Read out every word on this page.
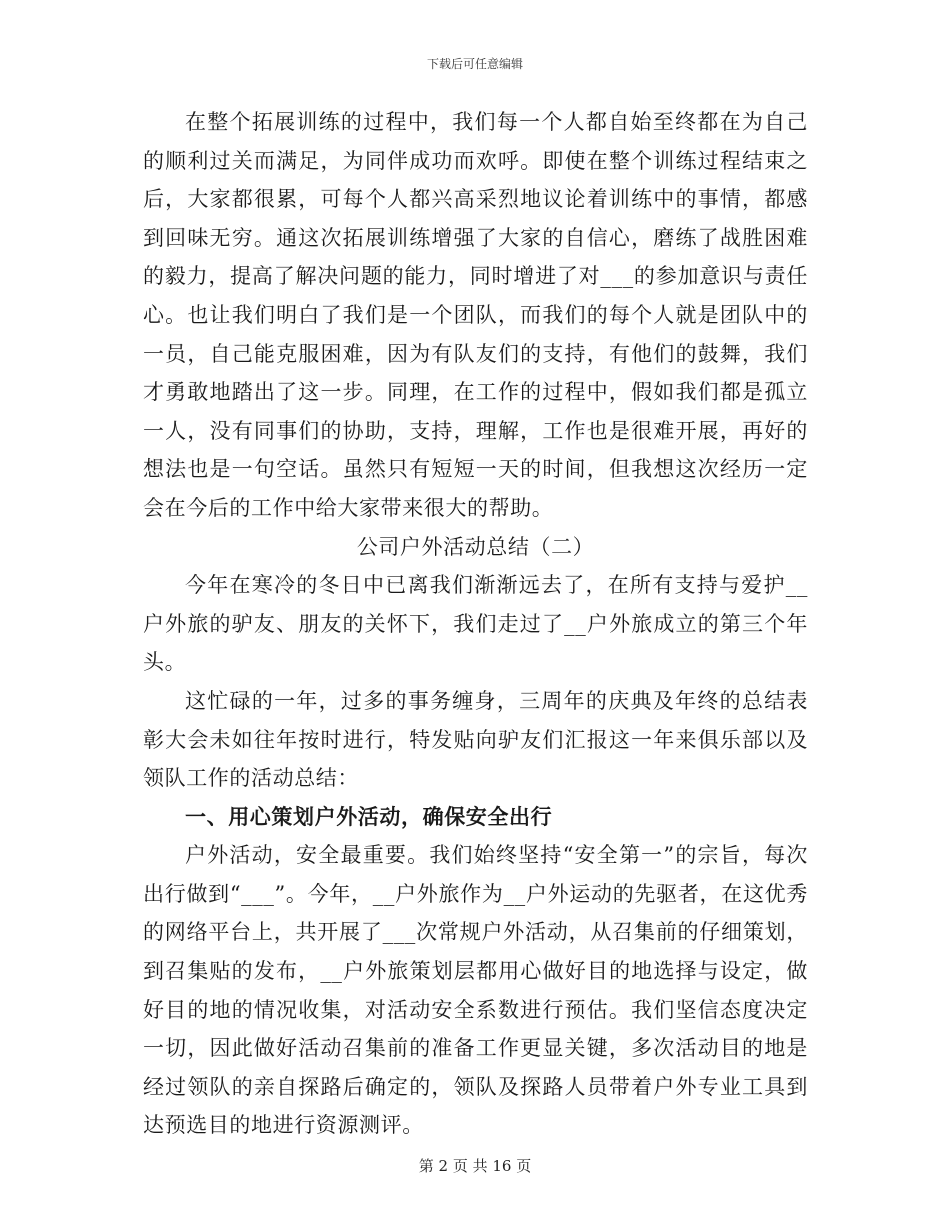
下载后可任意编辑

在整个拓展训练的过程中，我们每一个人都自始至终都在为自己的顺利过关而满足，为同伴成功而欢呼。即使在整个训练过程结束之后，大家都很累，可每个人都兴高采烈地议论着训练中的事情，都感到回味无穷。通这次拓展训练增强了大家的自信心，磨练了战胜困难的毅力，提高了解决问题的能力，同时增进了对___的参加意识与责任心。也让我们明白了我们是一个团队，而我们的每个人就是团队中的一员，自己能克服困难，因为有队友们的支持，有他们的鼓舞，我们才勇敢地踏出了这一步。同理，在工作的过程中，假如我们都是孤立一人，没有同事们的协助，支持，理解，工作也是很难开展，再好的想法也是一句空话。虽然只有短短一天的时间，但我想这次经历一定会在今后的工作中给大家带来很大的帮助。

公司户外活动总结（二）

今年在寒冷的冬日中已离我们渐渐远去了，在所有支持与爱护__户外旅的驴友、朋友的关怀下，我们走过了__户外旅成立的第三个年头。

这忙碌的一年，过多的事务缠身，三周年的庆典及年终的总结表彰大会未如往年按时进行，特发贴向驴友们汇报这一年来俱乐部以及领队工作的活动总结：

一、用心策划户外活动，确保安全出行

户外活动，安全最重要。我们始终坚持“安全第一”的宗旨，每次出行做到“___”。今年，__户外旅作为__户外运动的先驱者，在这优秀的网络平台上，共开展了___次常规户外活动，从召集前的仔细策划，到召集贴的发布，__户外旅策划层都用心做好目的地选择与设定，做好目的地的情况收集，对活动安全系数进行预估。我们坚信态度决定一切，因此做好活动召集前的准备工作更显关键，多次活动目的地是经过领队的亲自探路后确定的，领队及探路人员带着户外专业工具到达预选目的地进行资源测评。

第 2 页 共 16 页
